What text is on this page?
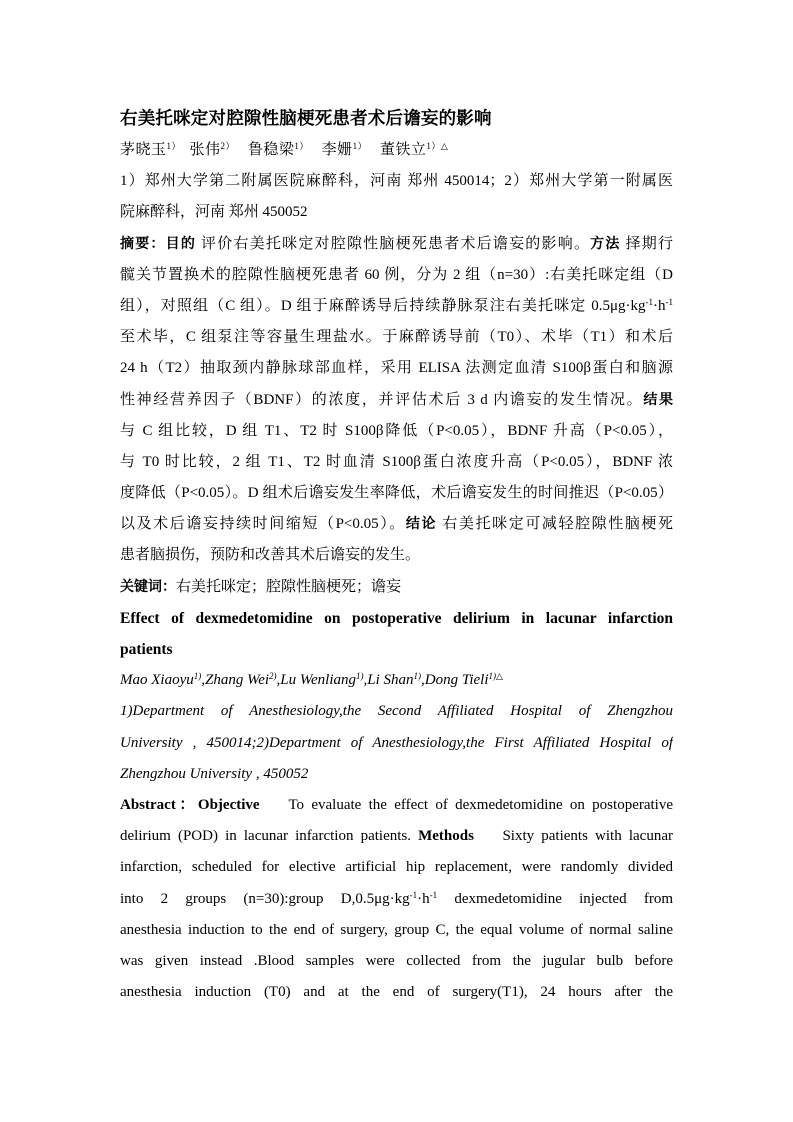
右美托咪定对腔隙性脑梗死患者术后谵妄的影响
茅晓玉$^{1)}$ 张伟$^{2)}$ 鲁稳梁$^{1)}$ 李姗$^{1)}$ 董铁立$^{1)\triangle}$
1）郑州大学第二附属医院麻醉科，河南 郑州 450014；2）郑州大学第一附属医
院麻醉科，河南 郑州 450052
摘要：目的 评价右美托咪定对腔隙性脑梗死患者术后谵妄的影响。方法 择期行
髋关节置换术的腔隙性脑梗死患者 60 例，分为 2 组（n=30）:右美托咪定组（D
组），对照组（C 组）。D 组于麻醉诱导后持续静脉泵注右美托咪定 $0.5\mu g\cdot kg^{-1}\cdot h^{-1}$
至术毕，C 组泵注等容量生理盐水。于麻醉诱导前（T0）、术毕（T1）和术后
24 h（T2）抽取颈内静脉球部血样，采用 ELISA 法测定血清 S100β蛋白和脑源
性神经营养因子（BDNF）的浓度，并评估术后 3 d 内谵妄的发生情况。结果
与 C 组比较，D 组 T1、T2 时 S100β降低（P<0.05），BDNF 升高（P<0.05），
与 T0 时比较，2 组 T1、T2 时血清 S100β蛋白浓度升高（P<0.05），BDNF 浓
度降低（P<0.05）。D 组术后谵妄发生率降低，术后谵妄发生的时间推迟（P<0.05）
以及术后谵妄持续时间缩短（P<0.05）。结论 右美托咪定可减轻腔隙性脑梗死
患者脑损伤，预防和改善其术后谵妄的发生。
关键词：右美托咪定；腔隙性脑梗死；谵妄
Effect of dexmedetomidine on postoperative delirium in lacunar infarction
patients
Mao Xiaoyu$^{1)}$,Zhang Wei$^{2)}$,Lu Wenliang$^{1)}$,Li Shan$^{1)}$,Dong Tieli$^{1)\triangle}$
1)Department of Anesthesiology,the Second Affiliated Hospital of Zhengzhou
University , 450014;2)Department of Anesthesiology,the First Affiliated Hospital of
Zhengzhou University , 450052
Abstract：Objective To evaluate the effect of dexmedetomidine on postoperative
delirium (POD) in lacunar infarction patients. Methods Sixty patients with lacunar
infarction, scheduled for elective artificial hip replacement, were randomly divided
into 2 groups (n=30):group $D,0.5\mu g\cdot kg^{-1}\cdot h^{-1}$ dexmedetomidine injected from
anesthesia induction to the end of surgery, group C, the equal volume of normal saline
was given instead .Blood samples were collected from the jugular bulb before
anesthesia induction (T0) and at the end of surgery(T1), 24 hours after the
